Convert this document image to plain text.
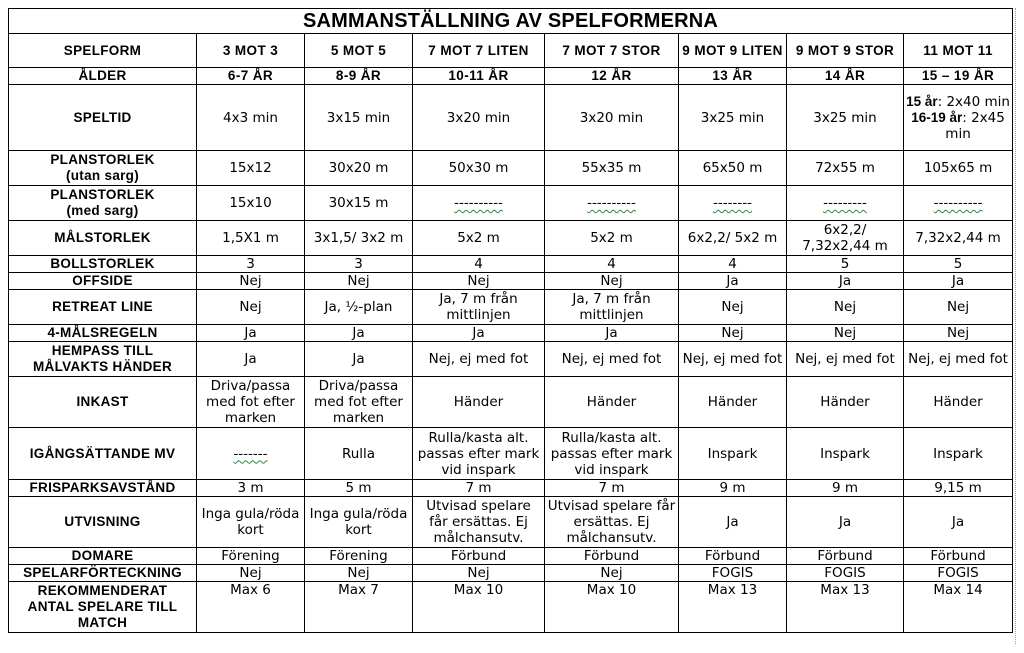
SAMMANSTÄLLNING AV SPELFORMERNA							
SPELFORM	3 MOT 3	5 MOT 5	7 MOT 7 LITEN	7 MOT 7 STOR	9 MOT 9 LITEN	9 MOT 9 STOR	11 MOT 11
ÅLDER	6-7 ÅR	8-9 ÅR	10-11 ÅR	12 ÅR	13 ÅR	14 ÅR	15 – 19 ÅR
SPELTID	4x3 min	3x15 min	3x20 min	3x20 min	3x25 min	3x25 min	15 år: 2x40 min
16-19 år: 2x45 min

PLANSTORLEK
(utan sarg)	15x12	30x20 m	50x30 m	55x35 m	65x50 m	72x55 m	105x65 m

PLANSTORLEK
(med sarg)	15x10	30x15 m	----------	----------	--------	---------	----------
MÅLSTORLEK	1,5X1 m	3x1,5/ 3x2 m	5x2 m	5x2 m	6x2,2/ 5x2 m	6x2,2/ 7,32x2,44 m	7,32x2,44 m
BOLLSTORLEK	3	3	4	4	4	5	5
OFFSIDE	Nej	Nej	Nej	Nej	Ja	Ja	Ja
RETREAT LINE	Nej	Ja, ½-plan	Ja, 7 m från mittlinjen	Ja, 7 m från mittlinjen	Nej	Nej	Nej
4-MÅLSREGELN	Ja	Ja	Ja	Ja	Nej	Nej	Nej

HEMPASS TILL
MÅLVAKTS HÄNDER	Ja	Ja	Nej, ej med fot	Nej, ej med fot	Nej, ej med fot	Nej, ej med fot	Nej, ej med fot
INKAST	Driva/passa med fot efter marken	Driva/passa med fot efter marken	Händer	Händer	Händer	Händer	Händer
IGÅNGSÄTTANDE MV	-------	Rulla	Rulla/kasta alt. passas efter mark vid inspark	Rulla/kasta alt. passas efter mark vid inspark	Inspark	Inspark	Inspark
FRISPARKSAVSTÅND	3 m	5 m	7 m	7 m	9 m	9 m	9,15 m
UTVISNING	Inga gula/röda kort	Inga gula/röda kort	Utvisad spelare får ersättas. Ej målchansutv.	Utvisad spelare får ersättas. Ej målchansutv.	Ja	Ja	Ja
DOMARE	Förening	Förening	Förbund	Förbund	Förbund	Förbund	Förbund
SPELARFÖRTECKNING	Nej	Nej	Nej	Nej	FOGIS	FOGIS	FOGIS

REKOMMENDERAT
ANTAL SPELARE TILL
MATCH	Max 6	Max 7	Max 10	Max 10	Max 13	Max 13	Max 14
